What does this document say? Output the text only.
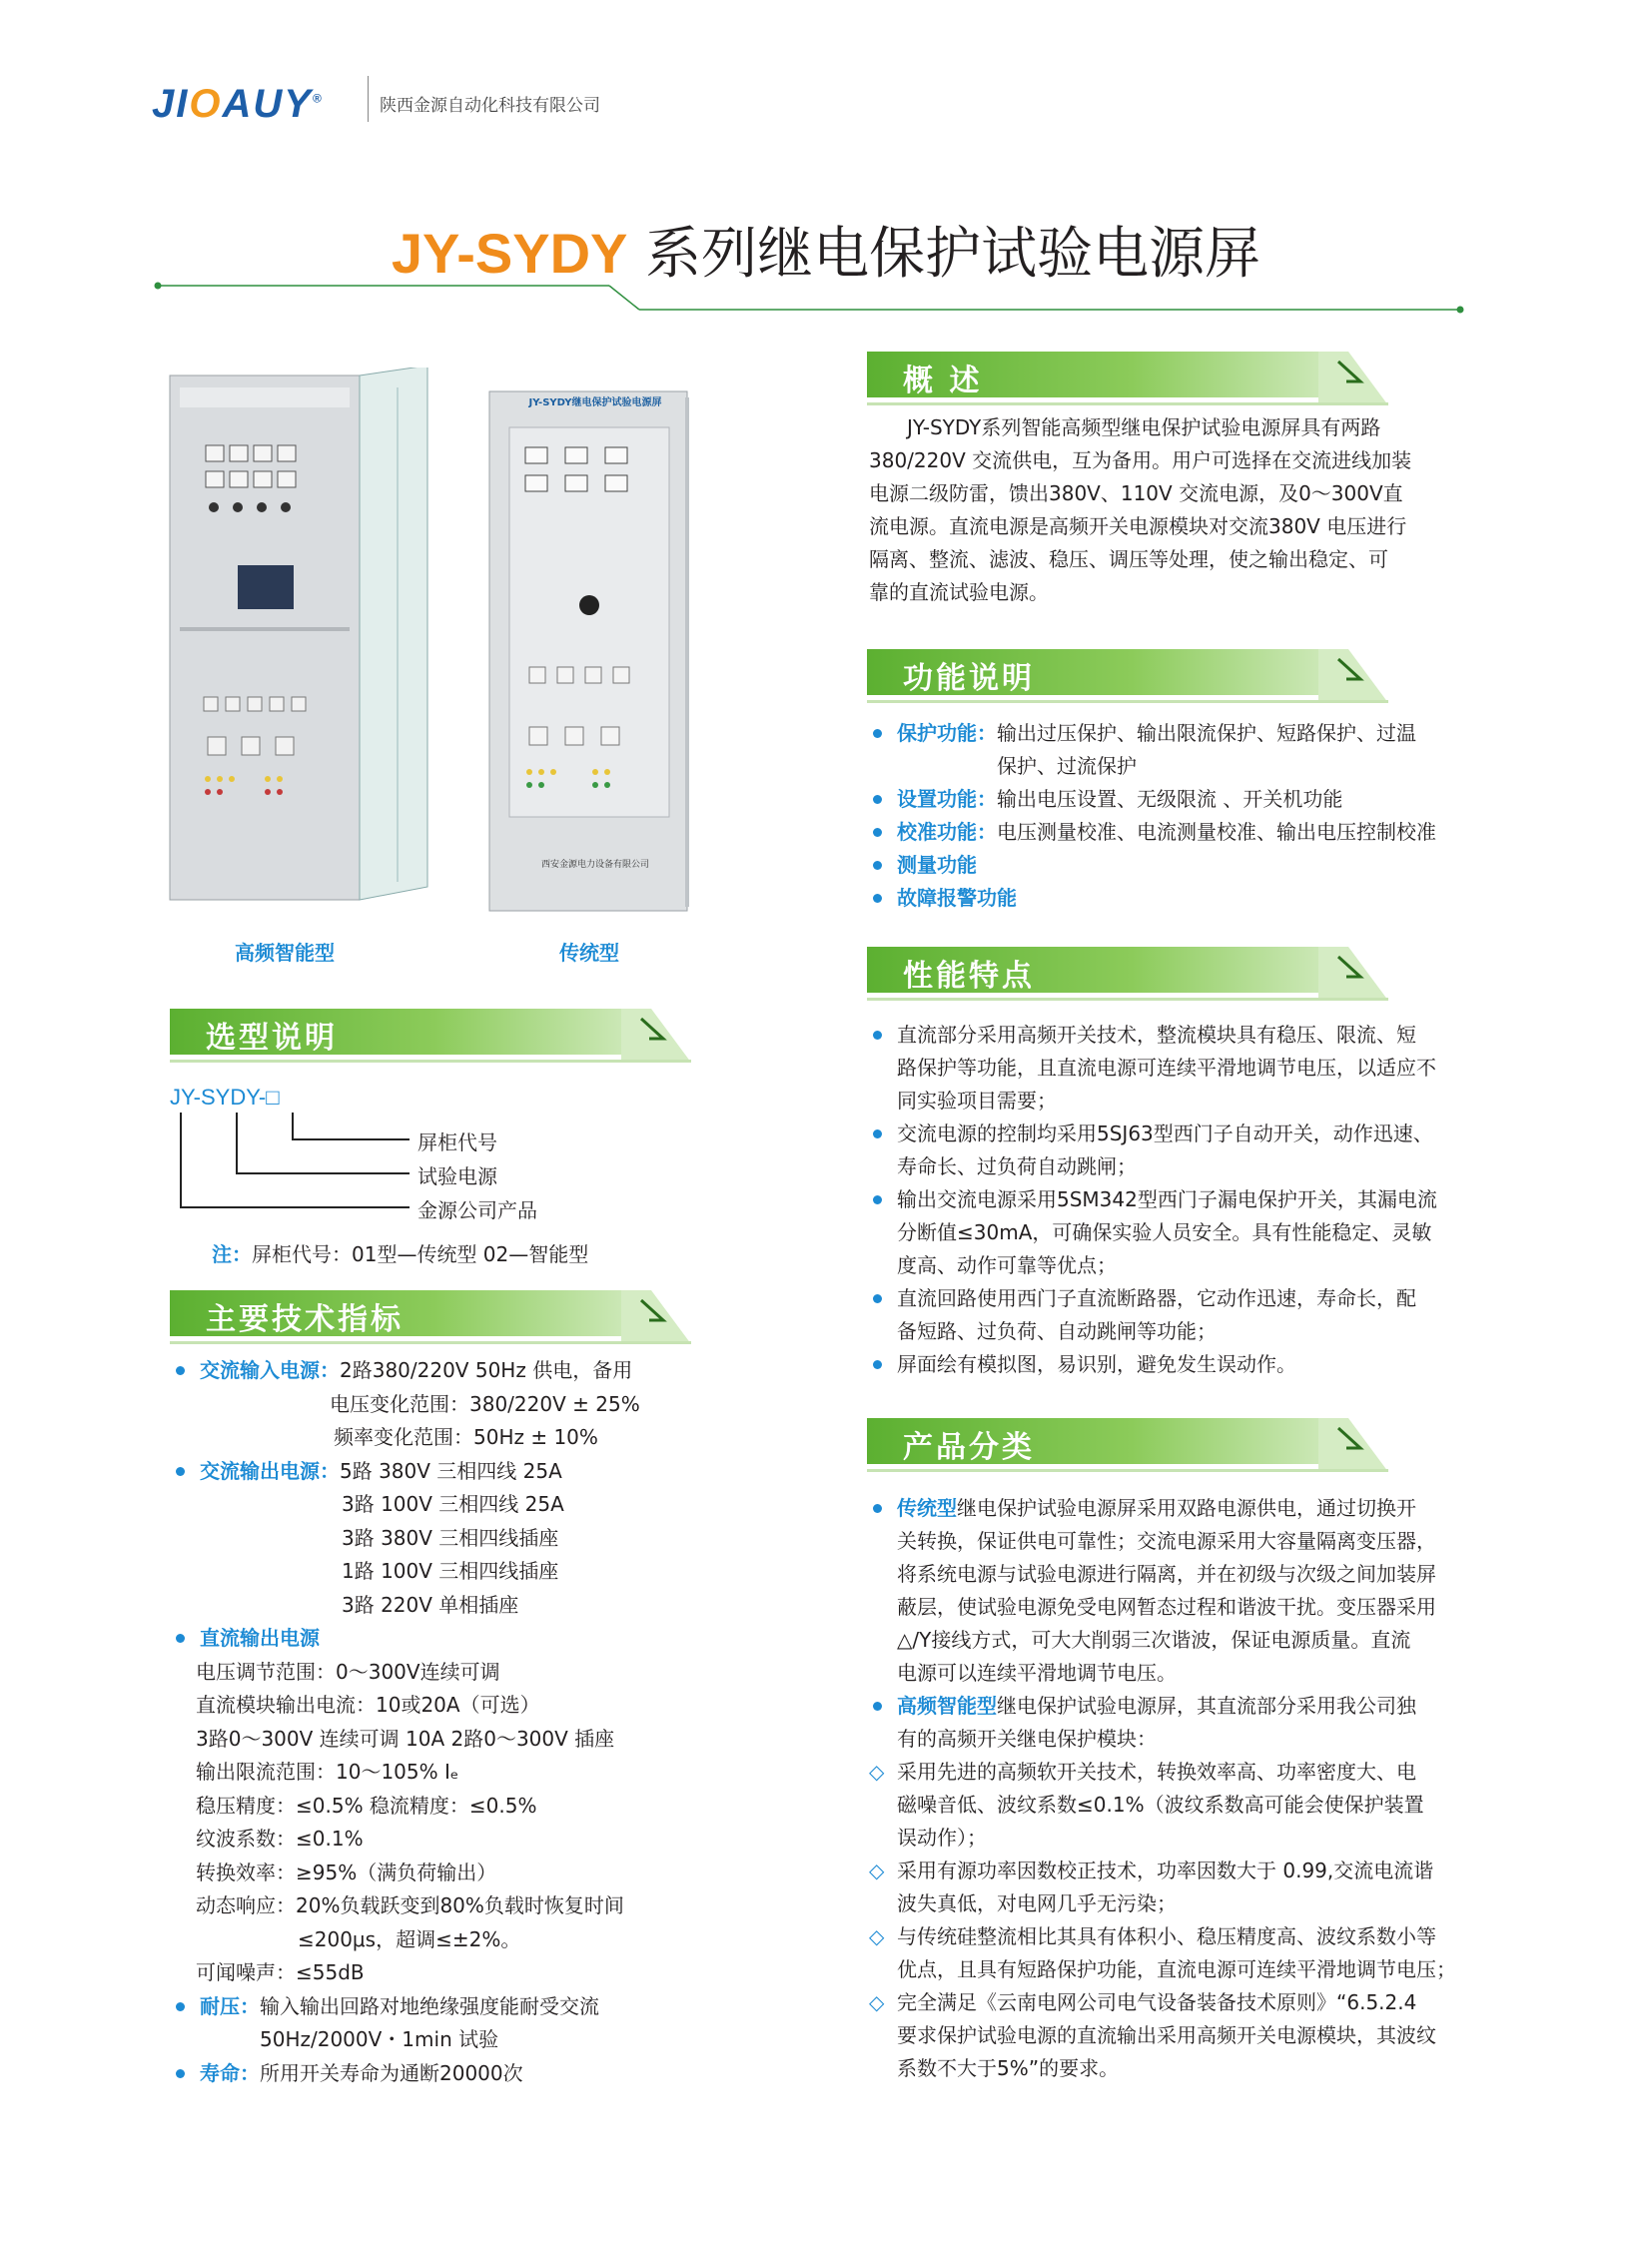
JIOAUY®	陕西金源自动化科技有限公司
JY-SYDY 系列继电保护试验电源屏
JY-SYDY继电保护试验电源屏
西安金源电力设备有限公司
高频智能型	传统型
选型说明
JY-SYDY-□
屏柜代号
试验电源
金源公司产品
注：屏柜代号：01型—传统型 02—智能型
主要技术指标
交流输入电源：2路380/220V 50Hz 供电，备用
电压变化范围：380/220V ± 25%
频率变化范围：50Hz ± 10%
交流输出电源：5路 380V 三相四线 25A
3路 100V 三相四线 25A
3路 380V 三相四线插座
1路 100V 三相四线插座
3路 220V 单相插座
直流输出电源
电压调节范围：0～300V连续可调
直流模块输出电流：10或20A（可选）
3路0～300V 连续可调 10A 2路0～300V 插座
输出限流范围：10～105% Iₑ
稳压精度：≤0.5% 稳流精度：≤0.5%
纹波系数：≤0.1%
转换效率：≥95%（满负荷输出）
动态响应：20%负载跃变到80%负载时恢复时间
≤200μs，超调≤±2%。
可闻噪声：≤55dB
耐压：输入输出回路对地绝缘强度能耐受交流
50Hz/2000V・1min 试验
寿命：所用开关寿命为通断20000次
概 述
JY-SYDY系列智能高频型继电保护试验电源屏具有两路
380/220V 交流供电，互为备用。用户可选择在交流进线加装
电源二级防雷，馈出380V、110V 交流电源，及0～300V直
流电源。直流电源是高频开关电源模块对交流380V 电压进行
隔离、整流、滤波、稳压、调压等处理，使之输出稳定、可
靠的直流试验电源。
功能说明
保护功能：输出过压保护、输出限流保护、短路保护、过温
保护、过流保护
设置功能：输出电压设置、无级限流 、开关机功能
校准功能：电压测量校准、电流测量校准、输出电压控制校准
测量功能
故障报警功能
性能特点
直流部分采用高频开关技术，整流模块具有稳压、限流、短
路保护等功能，且直流电源可连续平滑地调节电压，以适应不
同实验项目需要；
交流电源的控制均采用5SJ63型西门子自动开关，动作迅速、
寿命长、过负荷自动跳闸；
输出交流电源采用5SM342型西门子漏电保护开关，其漏电流
分断值≤30mA，可确保实验人员安全。具有性能稳定、灵敏
度高、动作可靠等优点；
直流回路使用西门子直流断路器，它动作迅速，寿命长，配
备短路、过负荷、自动跳闸等功能；
屏面绘有模拟图，易识别，避免发生误动作。
产品分类
传统型继电保护试验电源屏采用双路电源供电，通过切换开
关转换，保证供电可靠性；交流电源采用大容量隔离变压器，
将系统电源与试验电源进行隔离，并在初级与次级之间加装屏
蔽层，使试验电源免受电网暂态过程和谐波干扰。变压器采用
△/Y接线方式，可大大削弱三次谐波，保证电源质量。直流
电源可以连续平滑地调节电压。
高频智能型继电保护试验电源屏，其直流部分采用我公司独
有的高频开关继电保护模块：
◇ 采用先进的高频软开关技术，转换效率高、功率密度大、电
磁噪音低、波纹系数≤0.1%（波纹系数高可能会使保护装置
误动作）；
◇ 采用有源功率因数校正技术，功率因数大于 0.99,交流电流谐
波失真低，对电网几乎无污染；
◇ 与传统硅整流相比其具有体积小、稳压精度高、波纹系数小等
优点，且具有短路保护功能，直流电源可连续平滑地调节电压；
◇ 完全满足《云南电网公司电气设备装备技术原则》“6.5.2.4
要求保护试验电源的直流输出采用高频开关电源模块，其波纹
系数不大于5%”的要求。
